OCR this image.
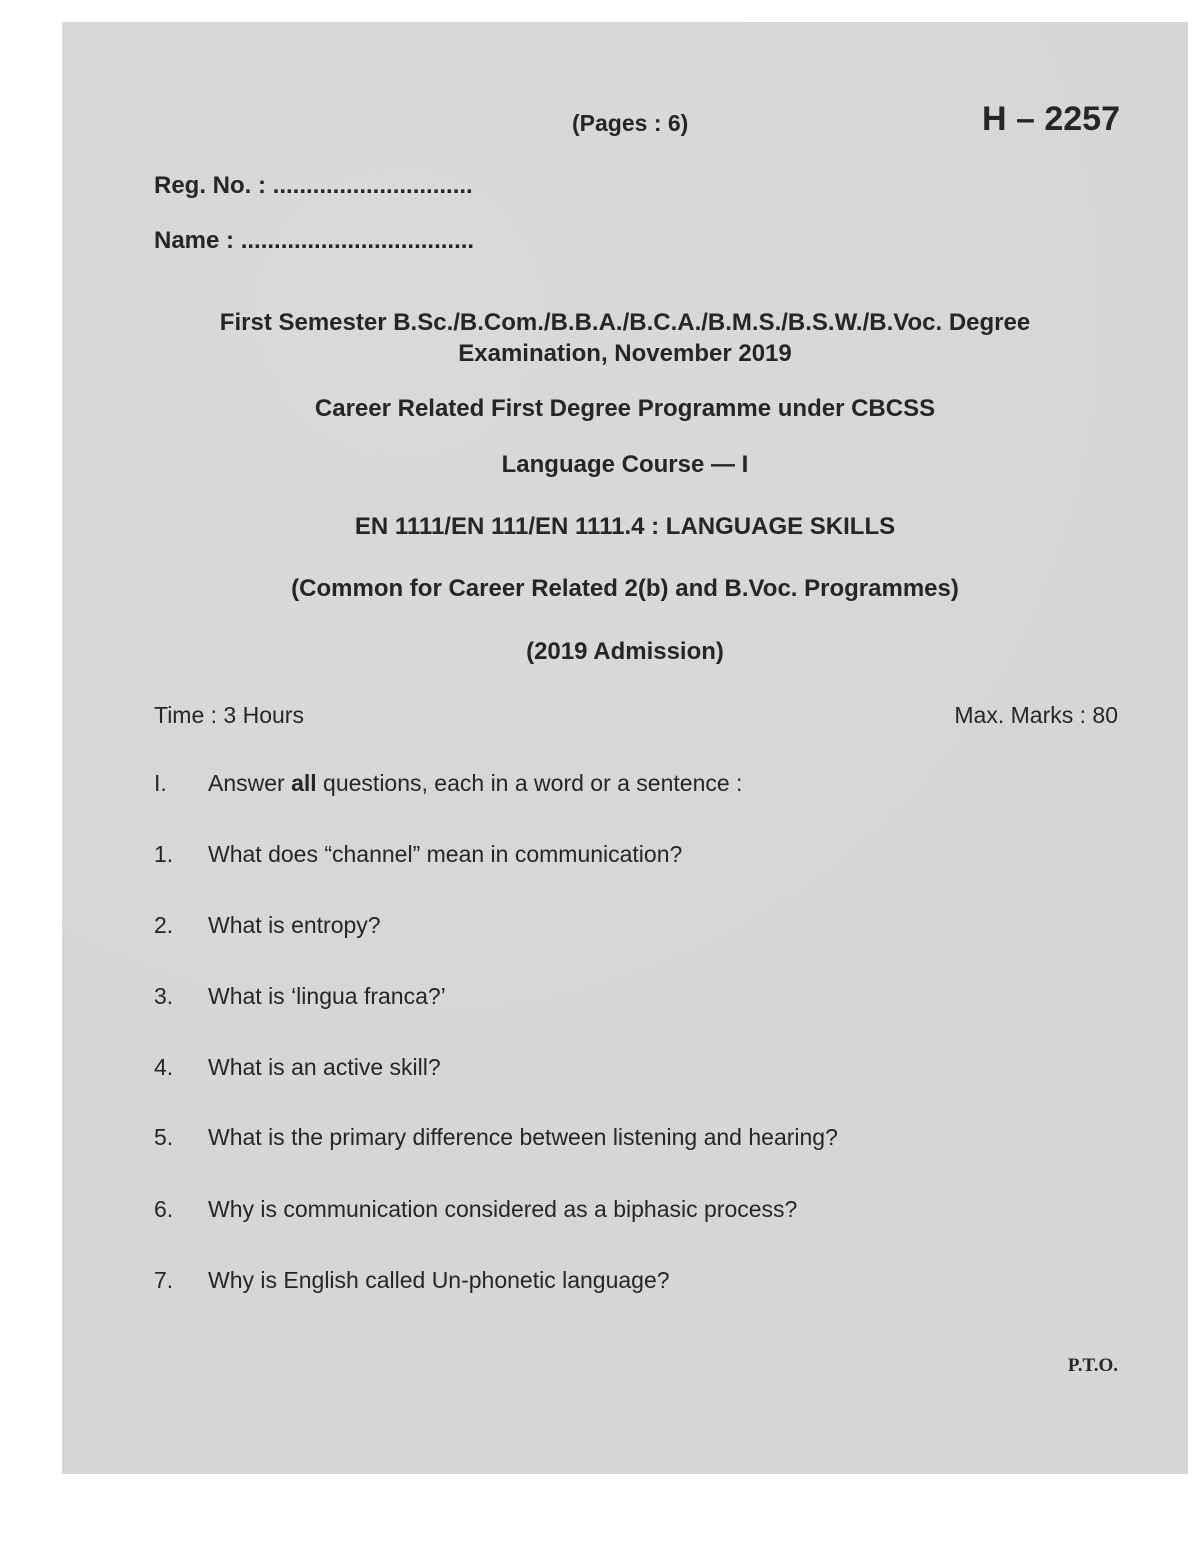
(Pages : 6)	H – 2257
Reg. No. : ..............................
Name : ...................................
First Semester B.Sc./B.Com./B.B.A./B.C.A./B.M.S./B.S.W./B.Voc. Degree
Examination, November 2019
Career Related First Degree Programme under CBCSS
Language Course — I
EN 1111/EN 111/EN 1111.4 : LANGUAGE SKILLS
(Common for Career Related 2(b) and B.Voc. Programmes)
(2019 Admission)
Time : 3 Hours	Max. Marks : 80
I. Answer all questions, each in a word or a sentence :
1. What does “channel” mean in communication?
2. What is entropy?
3. What is ‘lingua franca?’
4. What is an active skill?
5. What is the primary difference between listening and hearing?
6. Why is communication considered as a biphasic process?
7. Why is English called Un-phonetic language?
P.T.O.
